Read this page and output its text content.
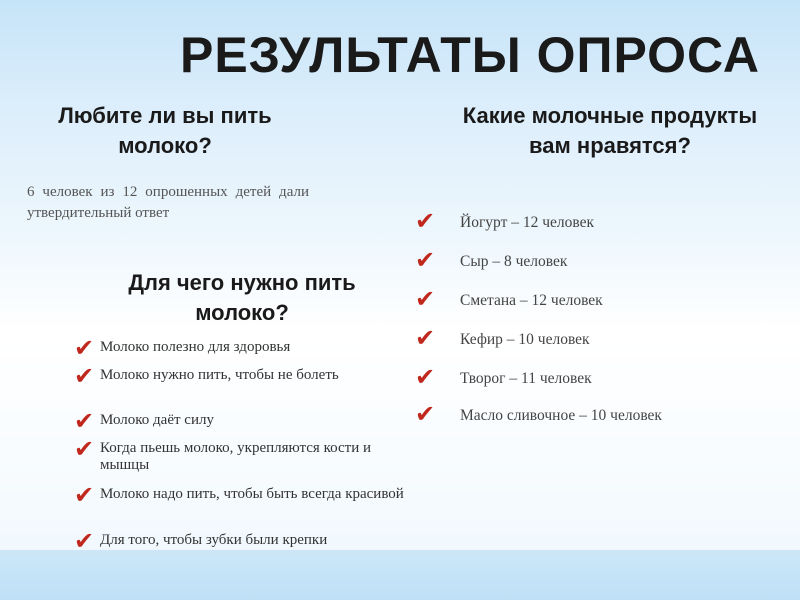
РЕЗУЛЬТАТЫ ОПРОСА
Любите ли вы пить молоко?
6 человек из 12 опрошенных детей дали утвердительный ответ
Для чего нужно пить молоко?
✔ Молоко полезно для здоровья
✔ Молоко нужно пить, чтобы не болеть
✔ Молоко даёт силу
✔ Когда пьешь молоко, укрепляются кости и мышцы
✔ Молоко надо пить, чтобы быть всегда красивой
✔ Для того, чтобы зубки были крепки
Какие молочные продукты вам нравятся?
✔	Йогурт – 12 человек
✔	Сыр – 8 человек
✔	Сметана – 12 человек
✔	Кефир – 10 человек
✔	Творог – 11 человек
✔	Масло сливочное – 10 человек
